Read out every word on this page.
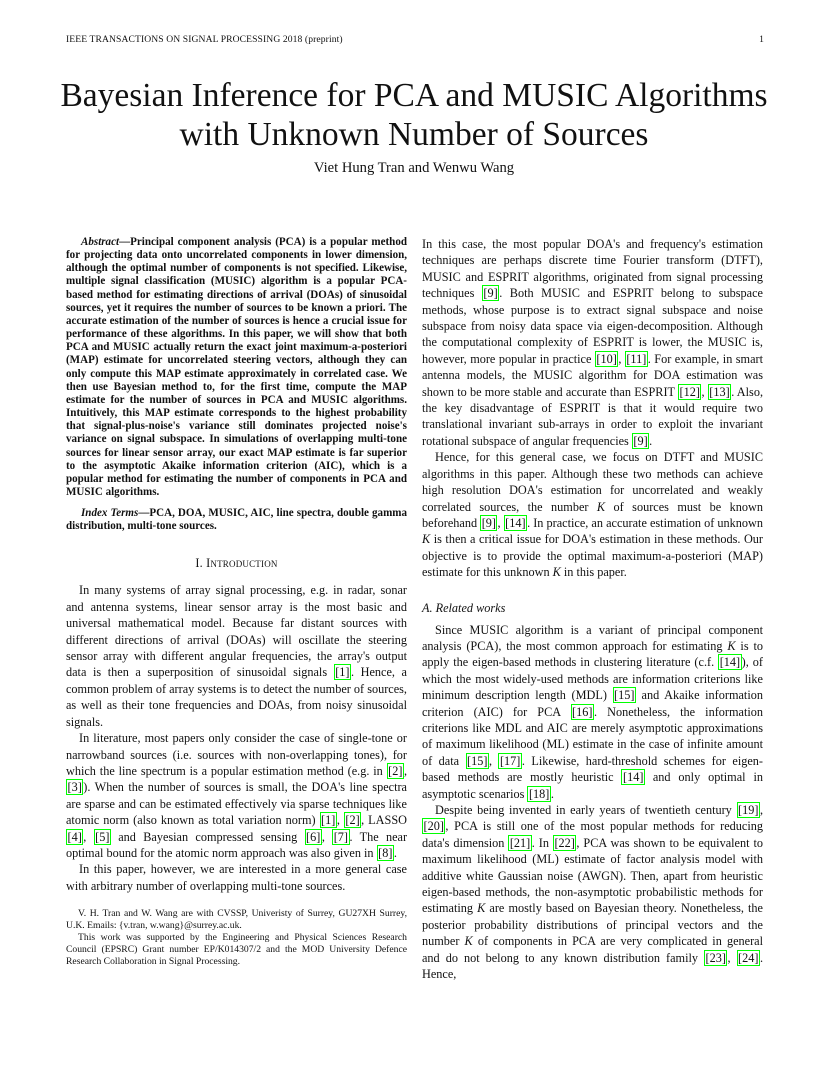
IEEE TRANSACTIONS ON SIGNAL PROCESSING 2018 (preprint)	1
Bayesian Inference for PCA and MUSIC Algorithms
with Unknown Number of Sources
Viet Hung Tran and Wenwu Wang

Abstract—Principal component analysis (PCA) is a popular method for projecting data onto uncorrelated components in lower dimension, although the optimal number of components is not specified. Likewise, multiple signal classification (MUSIC) algorithm is a popular PCA-based method for estimating directions of arrival (DOAs) of sinusoidal sources, yet it requires the number of sources to be known a priori. The accurate estimation of the number of sources is hence a crucial issue for performance of these algorithms. In this paper, we will show that both PCA and MUSIC actually return the exact joint maximum-a-posteriori (MAP) estimate for uncorrelated steering vectors, although they can only compute this MAP estimate approximately in correlated case. We then use Bayesian method to, for the first time, compute the MAP estimate for the number of sources in PCA and MUSIC algorithms. Intuitively, this MAP estimate corresponds to the highest probability that signal-plus-noise's variance still dominates projected noise's variance on signal subspace. In simulations of overlapping multi-tone sources for linear sensor array, our exact MAP estimate is far superior to the asymptotic Akaike information criterion (AIC), which is a popular method for estimating the number of components in PCA and MUSIC algorithms.

Index Terms—PCA, DOA, MUSIC, AIC, line spectra, double gamma distribution, multi-tone sources.

I. Introduction

In many systems of array signal processing, e.g. in radar, sonar and antenna systems, linear sensor array is the most basic and universal mathematical model. Because far distant sources with different directions of arrival (DOAs) will oscillate the steering sensor array with different angular frequencies, the array's output data is then a superposition of sinusoidal signals [1] . Hence, a common problem of array systems is to detect the number of sources, as well as their tone frequencies and DOAs, from noisy sinusoidal signals.

In literature, most papers only consider the case of single-tone or narrowband sources (i.e. sources with non-overlapping tones), for which the line spectrum is a popular estimation method (e.g. in [2] , [3] ). When the number of sources is small, the DOA's line spectra are sparse and can be estimated effectively via sparse techniques like atomic norm (also known as total variation norm) [1] , [2] , LASSO [4] , [5] and Bayesian compressed sensing [6] , [7] . The near optimal bound for the atomic norm approach was also given in [8] .

In this paper, however, we are interested in a more general case with arbitrary number of overlapping multi-tone sources.

V. H. Tran and W. Wang are with CVSSP, Univeristy of Surrey, GU27XH Surrey, U.K. Emails: {v.tran, w.wang}@surrey.ac.uk.

This work was supported by the Engineering and Physical Sciences Research Council (EPSRC) Grant number EP/K014307/2 and the MOD University Defence Research Collaboration in Signal Processing.

In this case, the most popular DOA's and frequency's estimation techniques are perhaps discrete time Fourier transform (DTFT), MUSIC and ESPRIT algorithms, originated from signal processing techniques [9] . Both MUSIC and ESPRIT belong to subspace methods, whose purpose is to extract signal subspace and noise subspace from noisy data space via eigen-decomposition. Although the computational complexity of ESPRIT is lower, the MUSIC is, however, more popular in practice [10] , [11] . For example, in smart antenna models, the MUSIC algorithm for DOA estimation was shown to be more stable and accurate than ESPRIT [12] , [13] . Also, the key disadvantage of ESPRIT is that it would require two translational invariant sub-arrays in order to exploit the invariant rotational subspace of angular frequencies [9] .

Hence, for this general case, we focus on DTFT and MUSIC algorithms in this paper. Although these two methods can achieve high resolution DOA's estimation for uncorrelated and weakly correlated sources, the number K of sources must be known beforehand [9] , [14] . In practice, an accurate estimation of unknown K is then a critical issue for DOA's estimation in these methods. Our objective is to provide the optimal maximum-a-posteriori (MAP) estimate for this unknown K in this paper.

A. Related works

Since MUSIC algorithm is a variant of principal component analysis (PCA), the most common approach for estimating K is to apply the eigen-based methods in clustering literature (c.f. [14] ), of which the most widely-used methods are information criterions like minimum description length (MDL) [15] and Akaike information criterion (AIC) for PCA [16] . Nonetheless, the information criterions like MDL and AIC are merely asymptotic approximations of maximum likelihood (ML) estimate in the case of infinite amount of data [15] , [17] . Likewise, hard-threshold schemes for eigen-based methods are mostly heuristic [14] and only optimal in asymptotic scenarios [18] .

Despite being invented in early years of twentieth century [19] , [20] , PCA is still one of the most popular methods for reducing data's dimension [21] . In [22] , PCA was shown to be equivalent to maximum likelihood (ML) estimate of factor analysis model with additive white Gaussian noise (AWGN). Then, apart from heuristic eigen-based methods, the non-asymptotic probabilistic methods for estimating K are mostly based on Bayesian theory. Nonetheless, the posterior probability distributions of principal vectors and the number K of components in PCA are very complicated in general and do not belong to any known distribution family [23] , [24] . Hence,
